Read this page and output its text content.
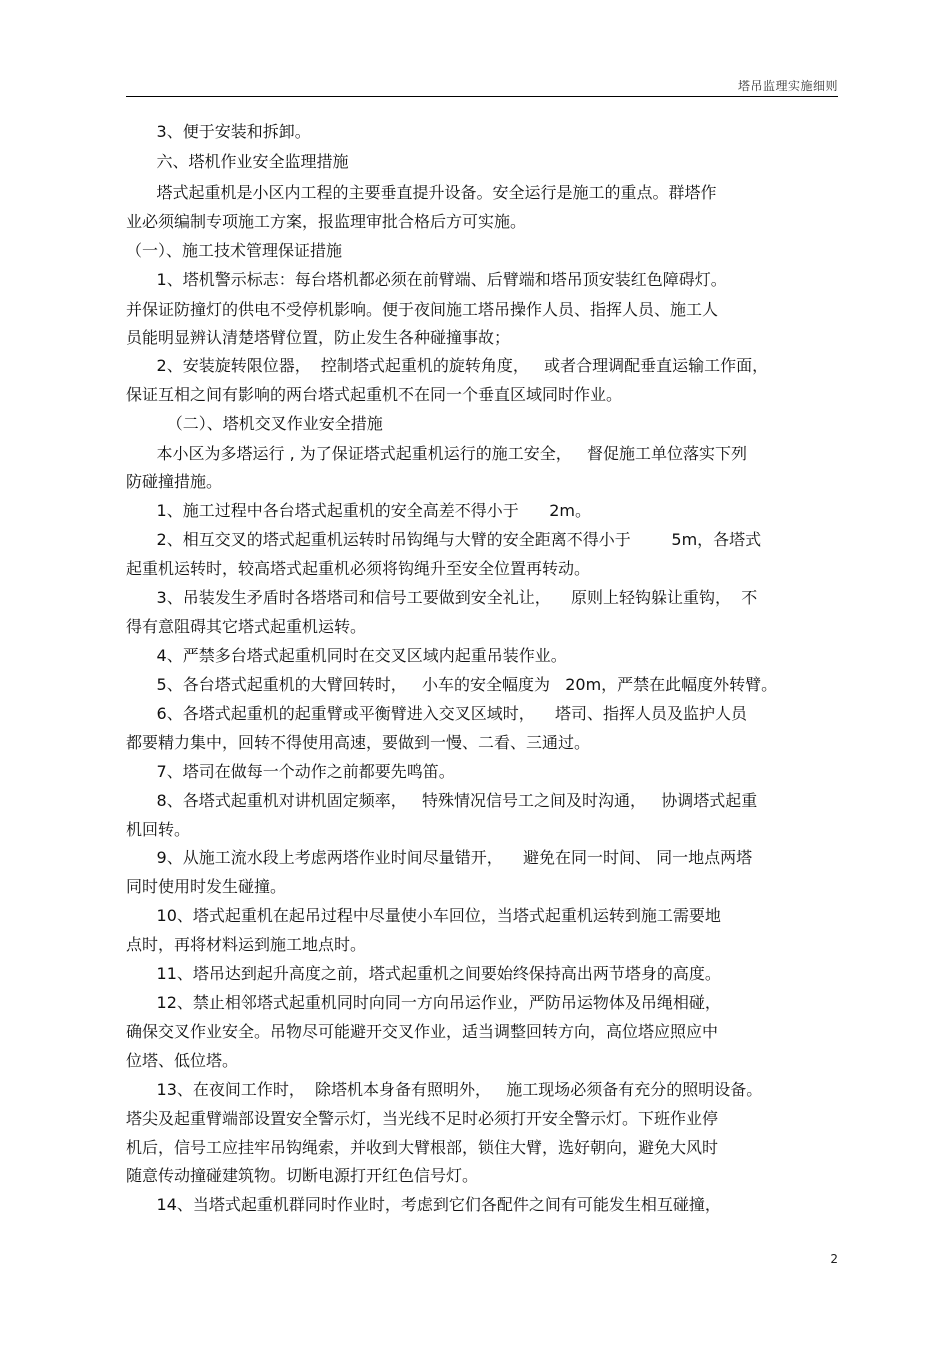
塔吊监理实施细则
3、便于安装和拆卸。
六、塔机作业安全监理措施
塔式起重机是小区内工程的主要垂直提升设备。安全运行是施工的重点。群塔作
业必须编制专项施工方案，报监理审批合格后方可实施。
（一）、施工技术管理保证措施
1、塔机警示标志：每台塔机都必须在前臂端、后臂端和塔吊顶安装红色障碍灯。
并保证防撞灯的供电不受停机影响。便于夜间施工塔吊操作人员、指挥人员、施工人
员能明显辨认清楚塔臂位置，防止发生各种碰撞事故；
2、安装旋转限位器，  控制塔式起重机的旋转角度，   或者合理调配垂直运输工作面，
保证互相之间有影响的两台塔式起重机不在同一个垂直区域同时作业。
（二）、塔机交叉作业安全措施
本小区为多塔运行 , 为了保证塔式起重机运行的施工安全，   督促施工单位落实下列
防碰撞措施。
1、施工过程中各台塔式起重机的安全高差不得小于      2m。
2、相互交叉的塔式起重机运转时吊钩绳与大臂的安全距离不得小于        5m，各塔式
起重机运转时，较高塔式起重机必须将钩绳升至安全位置再转动。
3、吊装发生矛盾时各塔塔司和信号工要做到安全礼让，    原则上轻钩躲让重钩，  不
得有意阻碍其它塔式起重机运转。
4、严禁多台塔式起重机同时在交叉区域内起重吊装作业。
5、各台塔式起重机的大臂回转时，   小车的安全幅度为   20m，严禁在此幅度外转臂。
6、各塔式起重机的起重臂或平衡臂进入交叉区域时，    塔司、指挥人员及监护人员
都要精力集中，回转不得使用高速，要做到一慢、二看、三通过。
7、塔司在做每一个动作之前都要先鸣笛。
8、各塔式起重机对讲机固定频率，   特殊情况信号工之间及时沟通，   协调塔式起重
机回转。
9、从施工流水段上考虑两塔作业时间尽量错开，    避免在同一时间、 同一地点两塔
同时使用时发生碰撞。
10、塔式起重机在起吊过程中尽量使小车回位，当塔式起重机运转到施工需要地
点时，再将材料运到施工地点时。
11、塔吊达到起升高度之前，塔式起重机之间要始终保持高出两节塔身的高度。
12、禁止相邻塔式起重机同时向同一方向吊运作业，严防吊运物体及吊绳相碰，
确保交叉作业安全。吊物尽可能避开交叉作业，适当调整回转方向，高位塔应照应中
位塔、低位塔。
13、在夜间工作时，  除塔机本身备有照明外，   施工现场必须备有充分的照明设备。
塔尖及起重臂端部设置安全警示灯，当光线不足时必须打开安全警示灯。下班作业停
机后，信号工应挂牢吊钩绳索，并收到大臂根部，锁住大臂，选好朝向，避免大风时
随意传动撞碰建筑物。切断电源打开红色信号灯。
14、当塔式起重机群同时作业时，考虑到它们各配件之间有可能发生相互碰撞，
2
